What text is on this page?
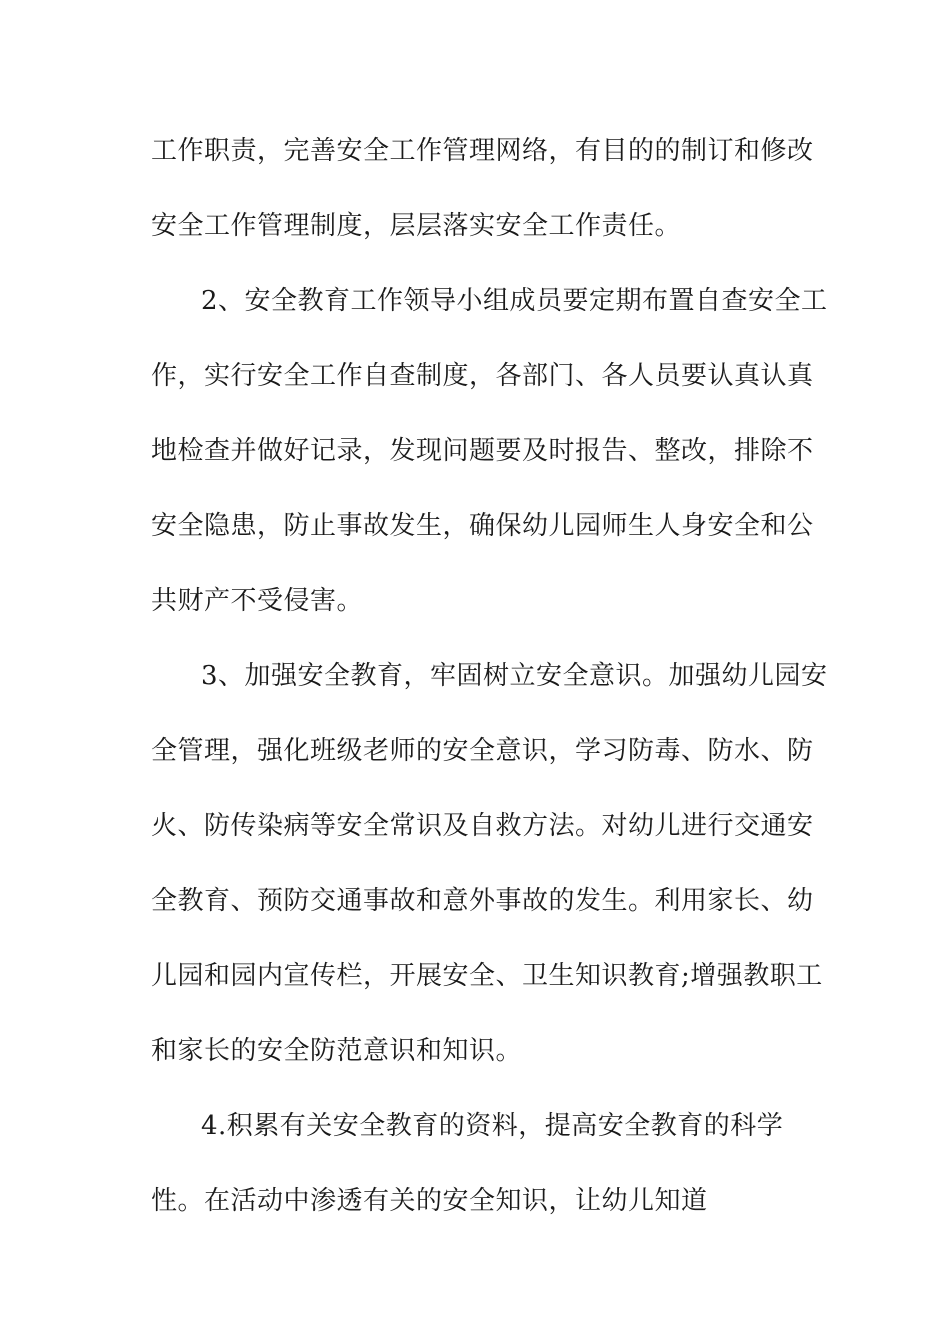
工作职责，完善安全工作管理网络，有目的的制订和修改
安全工作管理制度，层层落实安全工作责任。
2、安全教育工作领导小组成员要定期布置自查安全工
作，实行安全工作自查制度，各部门、各人员要认真认真
地检查并做好记录，发现问题要及时报告、整改，排除不
安全隐患，防止事故发生，确保幼儿园师生人身安全和公
共财产不受侵害。
3、加强安全教育，牢固树立安全意识。加强幼儿园安
全管理，强化班级老师的安全意识，学习防毒、防水、防
火、防传染病等安全常识及自救方法。对幼儿进行交通安
全教育、预防交通事故和意外事故的发生。利用家长、幼
儿园和园内宣传栏，开展安全、卫生知识教育;增强教职工
和家长的安全防范意识和知识。
4.积累有关安全教育的资料，提高安全教育的科学
性。在活动中渗透有关的安全知识，让幼儿知道
